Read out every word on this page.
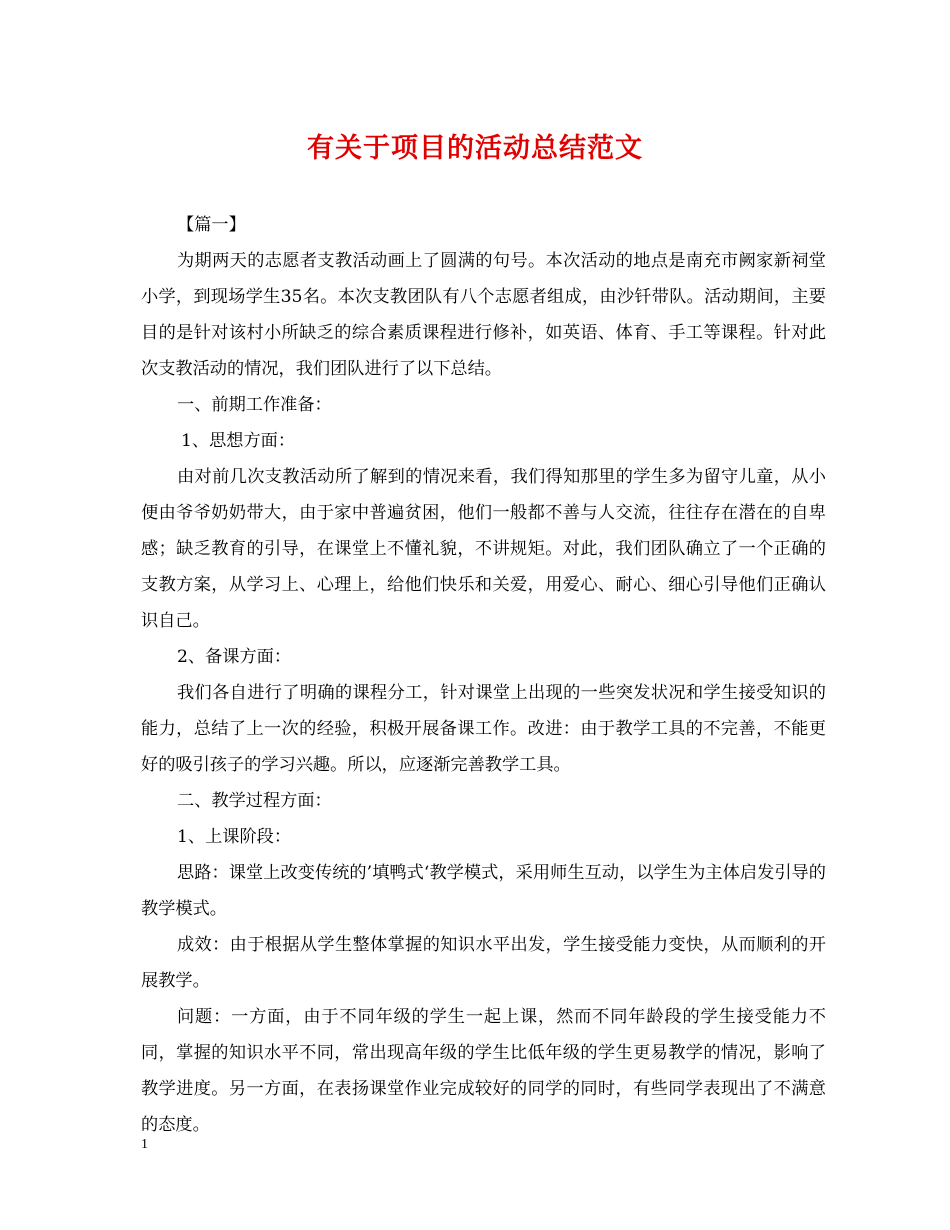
有关于项目的活动总结范文

【篇一】

为期两天的志愿者支教活动画上了圆满的句号。本次活动的地点是南充市阙家新祠堂小学，到现场学生35名。本次支教团队有八个志愿者组成，由沙钎带队。活动期间，主要目的是针对该村小所缺乏的综合素质课程进行修补，如英语、体育、手工等课程。针对此次支教活动的情况，我们团队进行了以下总结。

一、前期工作准备：

1、思想方面：

由对前几次支教活动所了解到的情况来看，我们得知那里的学生多为留守儿童，从小便由爷爷奶奶带大，由于家中普遍贫困，他们一般都不善与人交流，往往存在潜在的自卑感；缺乏教育的引导，在课堂上不懂礼貌，不讲规矩。对此，我们团队确立了一个正确的支教方案，从学习上、心理上，给他们快乐和关爱，用爱心、耐心、细心引导他们正确认识自己。

2、备课方面：

我们各自进行了明确的课程分工，针对课堂上出现的一些突发状况和学生接受知识的能力，总结了上一次的经验，积极开展备课工作。改进：由于教学工具的不完善，不能更好的吸引孩子的学习兴趣。所以，应逐渐完善教学工具。

二、教学过程方面：

1、上课阶段：

思路：课堂上改变传统的’填鸭式‘教学模式，采用师生互动，以学生为主体启发引导的教学模式。

成效：由于根据从学生整体掌握的知识水平出发，学生接受能力变快，从而顺利的开展教学。

问题：一方面，由于不同年级的学生一起上课，然而不同年龄段的学生接受能力不同，掌握的知识水平不同，常出现高年级的学生比低年级的学生更易教学的情况，影响了教学进度。另一方面，在表扬课堂作业完成较好的同学的同时，有些同学表现出了不满意的态度。

1
